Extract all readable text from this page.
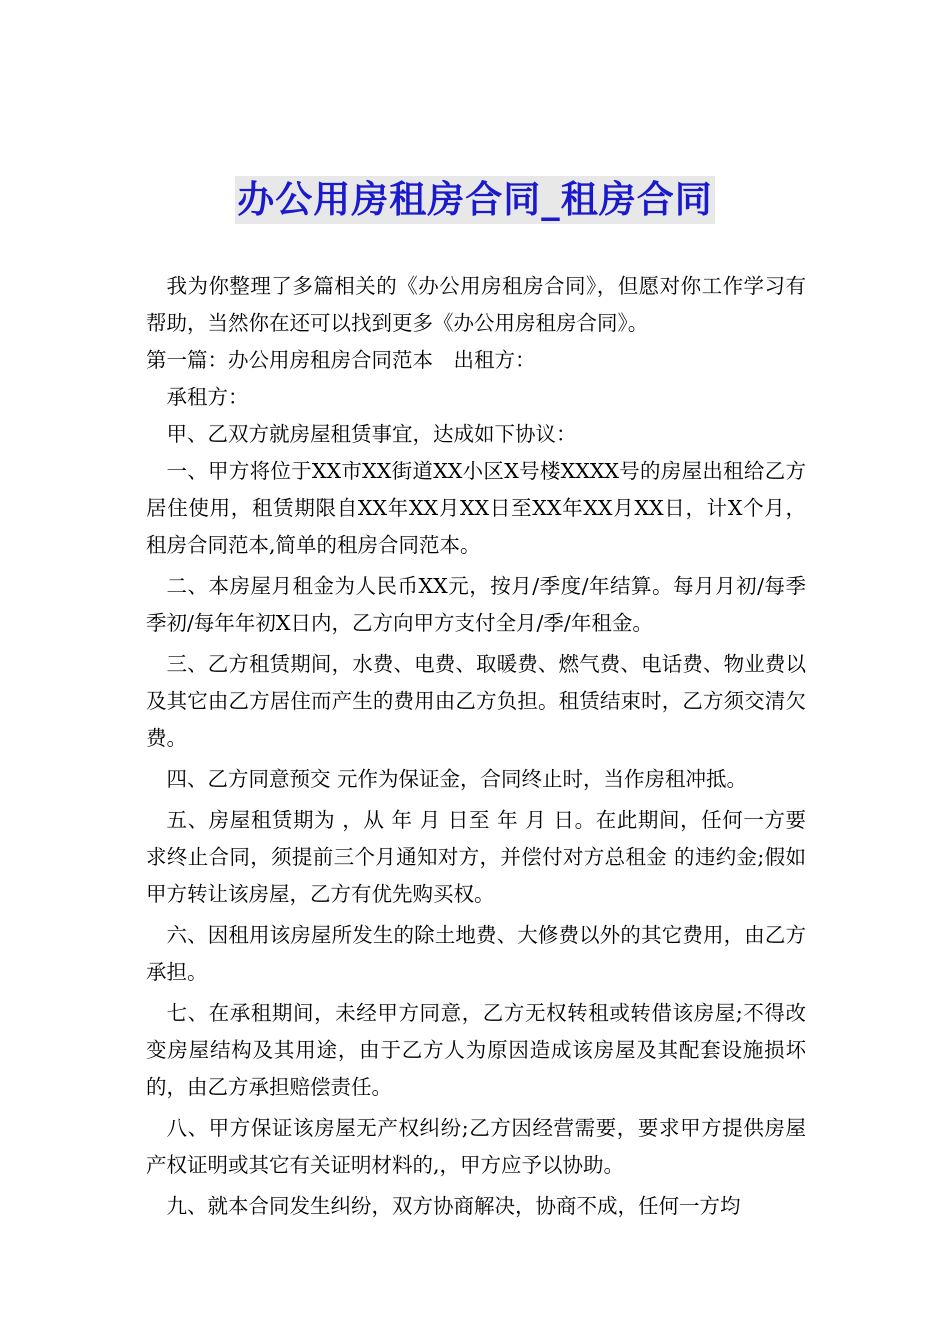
办公用房租房合同_租房合同

我为你整理了多篇相关的《办公用房租房合同》，但愿对你工作学习有帮助，当然你在还可以找到更多《办公用房租房合同》。

第一篇：办公用房租房合同范本　出租方：

承租方：

甲、乙双方就房屋租赁事宜，达成如下协议：

一、甲方将位于XX市XX街道XX小区X号楼XXXX号的房屋出租给乙方居住使用，租赁期限自XX年XX月XX日至XX年XX月XX日，计X个月，租房合同范本,简单的租房合同范本。

二、本房屋月租金为人民币XX元，按月/季度/年结算。每月月初/每季季初/每年年初X日内，乙方向甲方支付全月/季/年租金。

三、乙方租赁期间，水费、电费、取暖费、燃气费、电话费、物业费以及其它由乙方居住而产生的费用由乙方负担。租赁结束时，乙方须交清欠费。

四、乙方同意预交 元作为保证金，合同终止时，当作房租冲抵。

五、房屋租赁期为 ，从 年 月 日至 年 月 日。在此期间，任何一方要求终止合同，须提前三个月通知对方，并偿付对方总租金 的违约金;假如甲方转让该房屋，乙方有优先购买权。

六、因租用该房屋所发生的除土地费、大修费以外的其它费用，由乙方承担。

七、在承租期间，未经甲方同意，乙方无权转租或转借该房屋;不得改变房屋结构及其用途，由于乙方人为原因造成该房屋及其配套设施损坏的，由乙方承担赔偿责任。

八、甲方保证该房屋无产权纠纷;乙方因经营需要，要求甲方提供房屋产权证明或其它有关证明材料的,，甲方应予以协助。

九、就本合同发生纠纷，双方协商解决，协商不成，任何一方均
